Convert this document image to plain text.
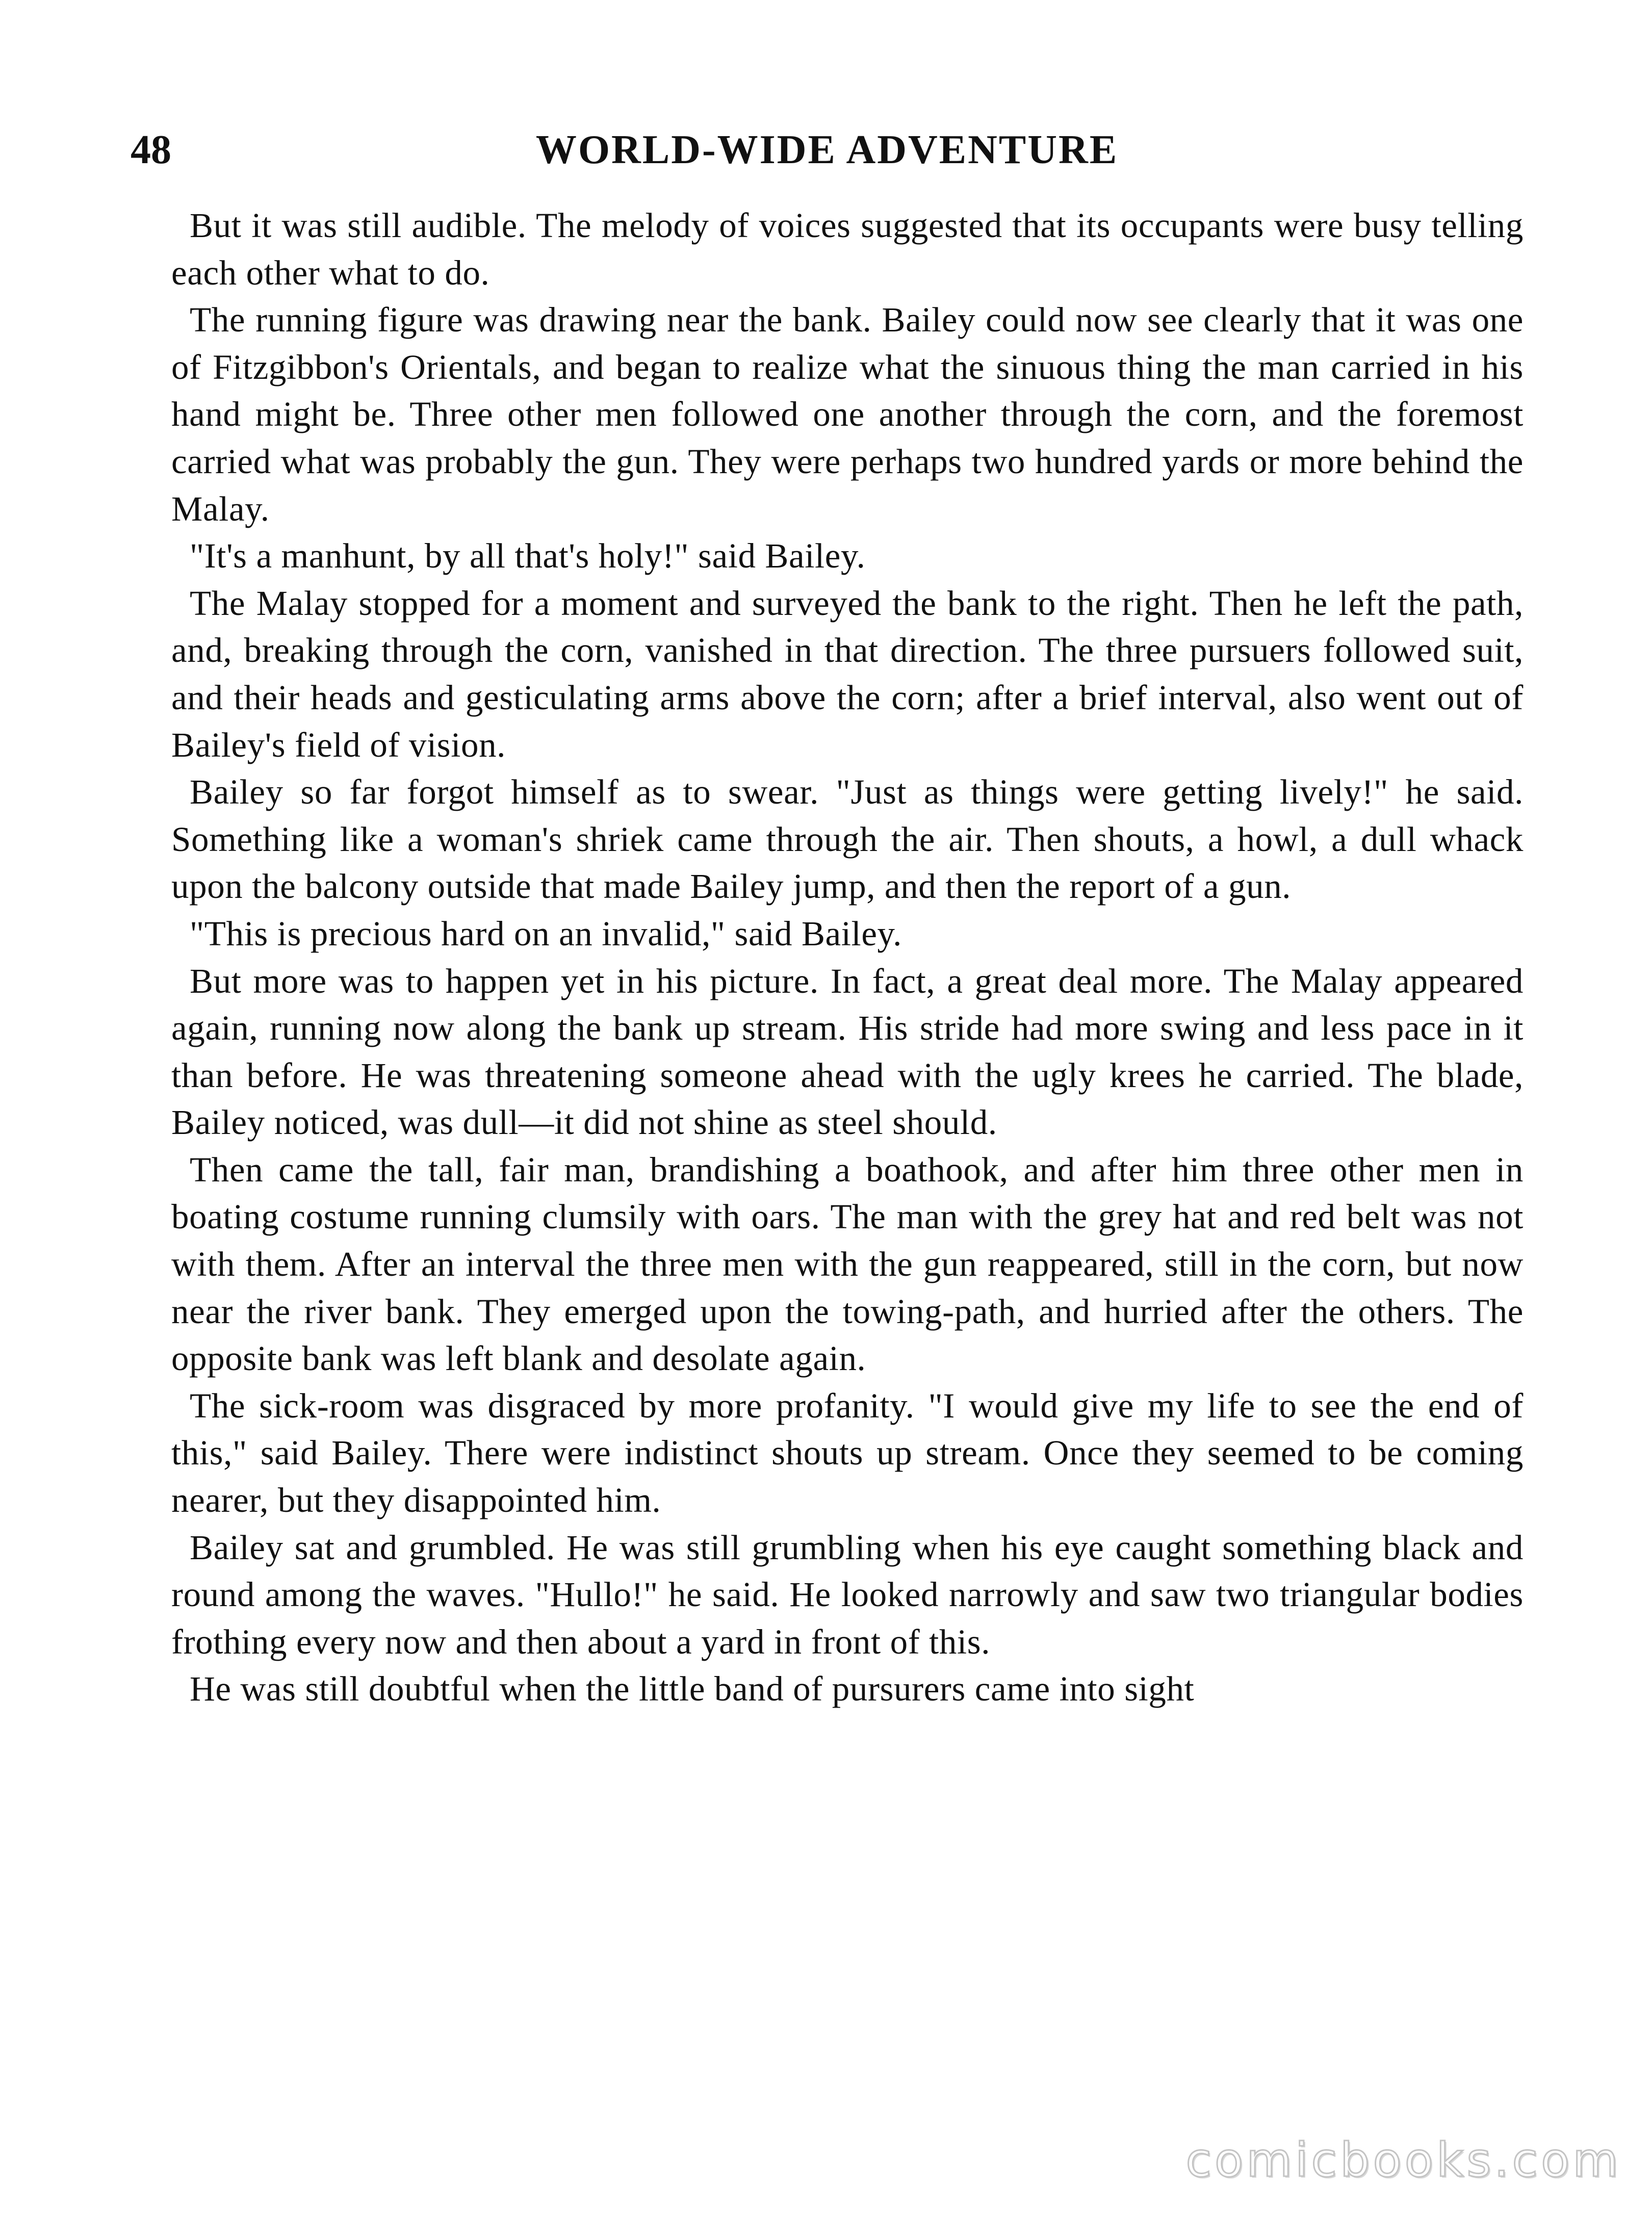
48	WORLD-WIDE ADVENTURE

But it was still audible. The melody of voices suggested that its occupants were busy telling each other what to do.

The running figure was drawing near the bank. Bailey could now see clearly that it was one of Fitzgibbon's Orientals, and began to realize what the sinuous thing the man carried in his hand might be. Three other men followed one another through the corn, and the foremost carried what was probably the gun. They were perhaps two hundred yards or more behind the Malay.

"It's a manhunt, by all that's holy!" said Bailey.

The Malay stopped for a moment and surveyed the bank to the right. Then he left the path, and, breaking through the corn, vanished in that direction. The three pursuers followed suit, and their heads and gesticulating arms above the corn; after a brief interval, also went out of Bailey's field of vision.

Bailey so far forgot himself as to swear. "Just as things were getting lively!" he said. Something like a woman's shriek came through the air. Then shouts, a howl, a dull whack upon the balcony outside that made Bailey jump, and then the report of a gun.

"This is precious hard on an invalid," said Bailey.

But more was to happen yet in his picture. In fact, a great deal more. The Malay appeared again, running now along the bank up stream. His stride had more swing and less pace in it than before. He was threatening someone ahead with the ugly krees he carried. The blade, Bailey noticed, was dull—it did not shine as steel should.

Then came the tall, fair man, brandishing a boathook, and after him three other men in boating costume running clumsily with oars. The man with the grey hat and red belt was not with them. After an interval the three men with the gun reappeared, still in the corn, but now near the river bank. They emerged upon the towing-path, and hurried after the others. The opposite bank was left blank and desolate again.

The sick-room was disgraced by more profanity. "I would give my life to see the end of this," said Bailey. There were indistinct shouts up stream. Once they seemed to be coming nearer, but they disappointed him.

Bailey sat and grumbled. He was still grumbling when his eye caught something black and round among the waves. "Hullo!" he said. He looked narrowly and saw two triangular bodies frothing every now and then about a yard in front of this.

He was still doubtful when the little band of pursurers came into sight

comicbooks.com
